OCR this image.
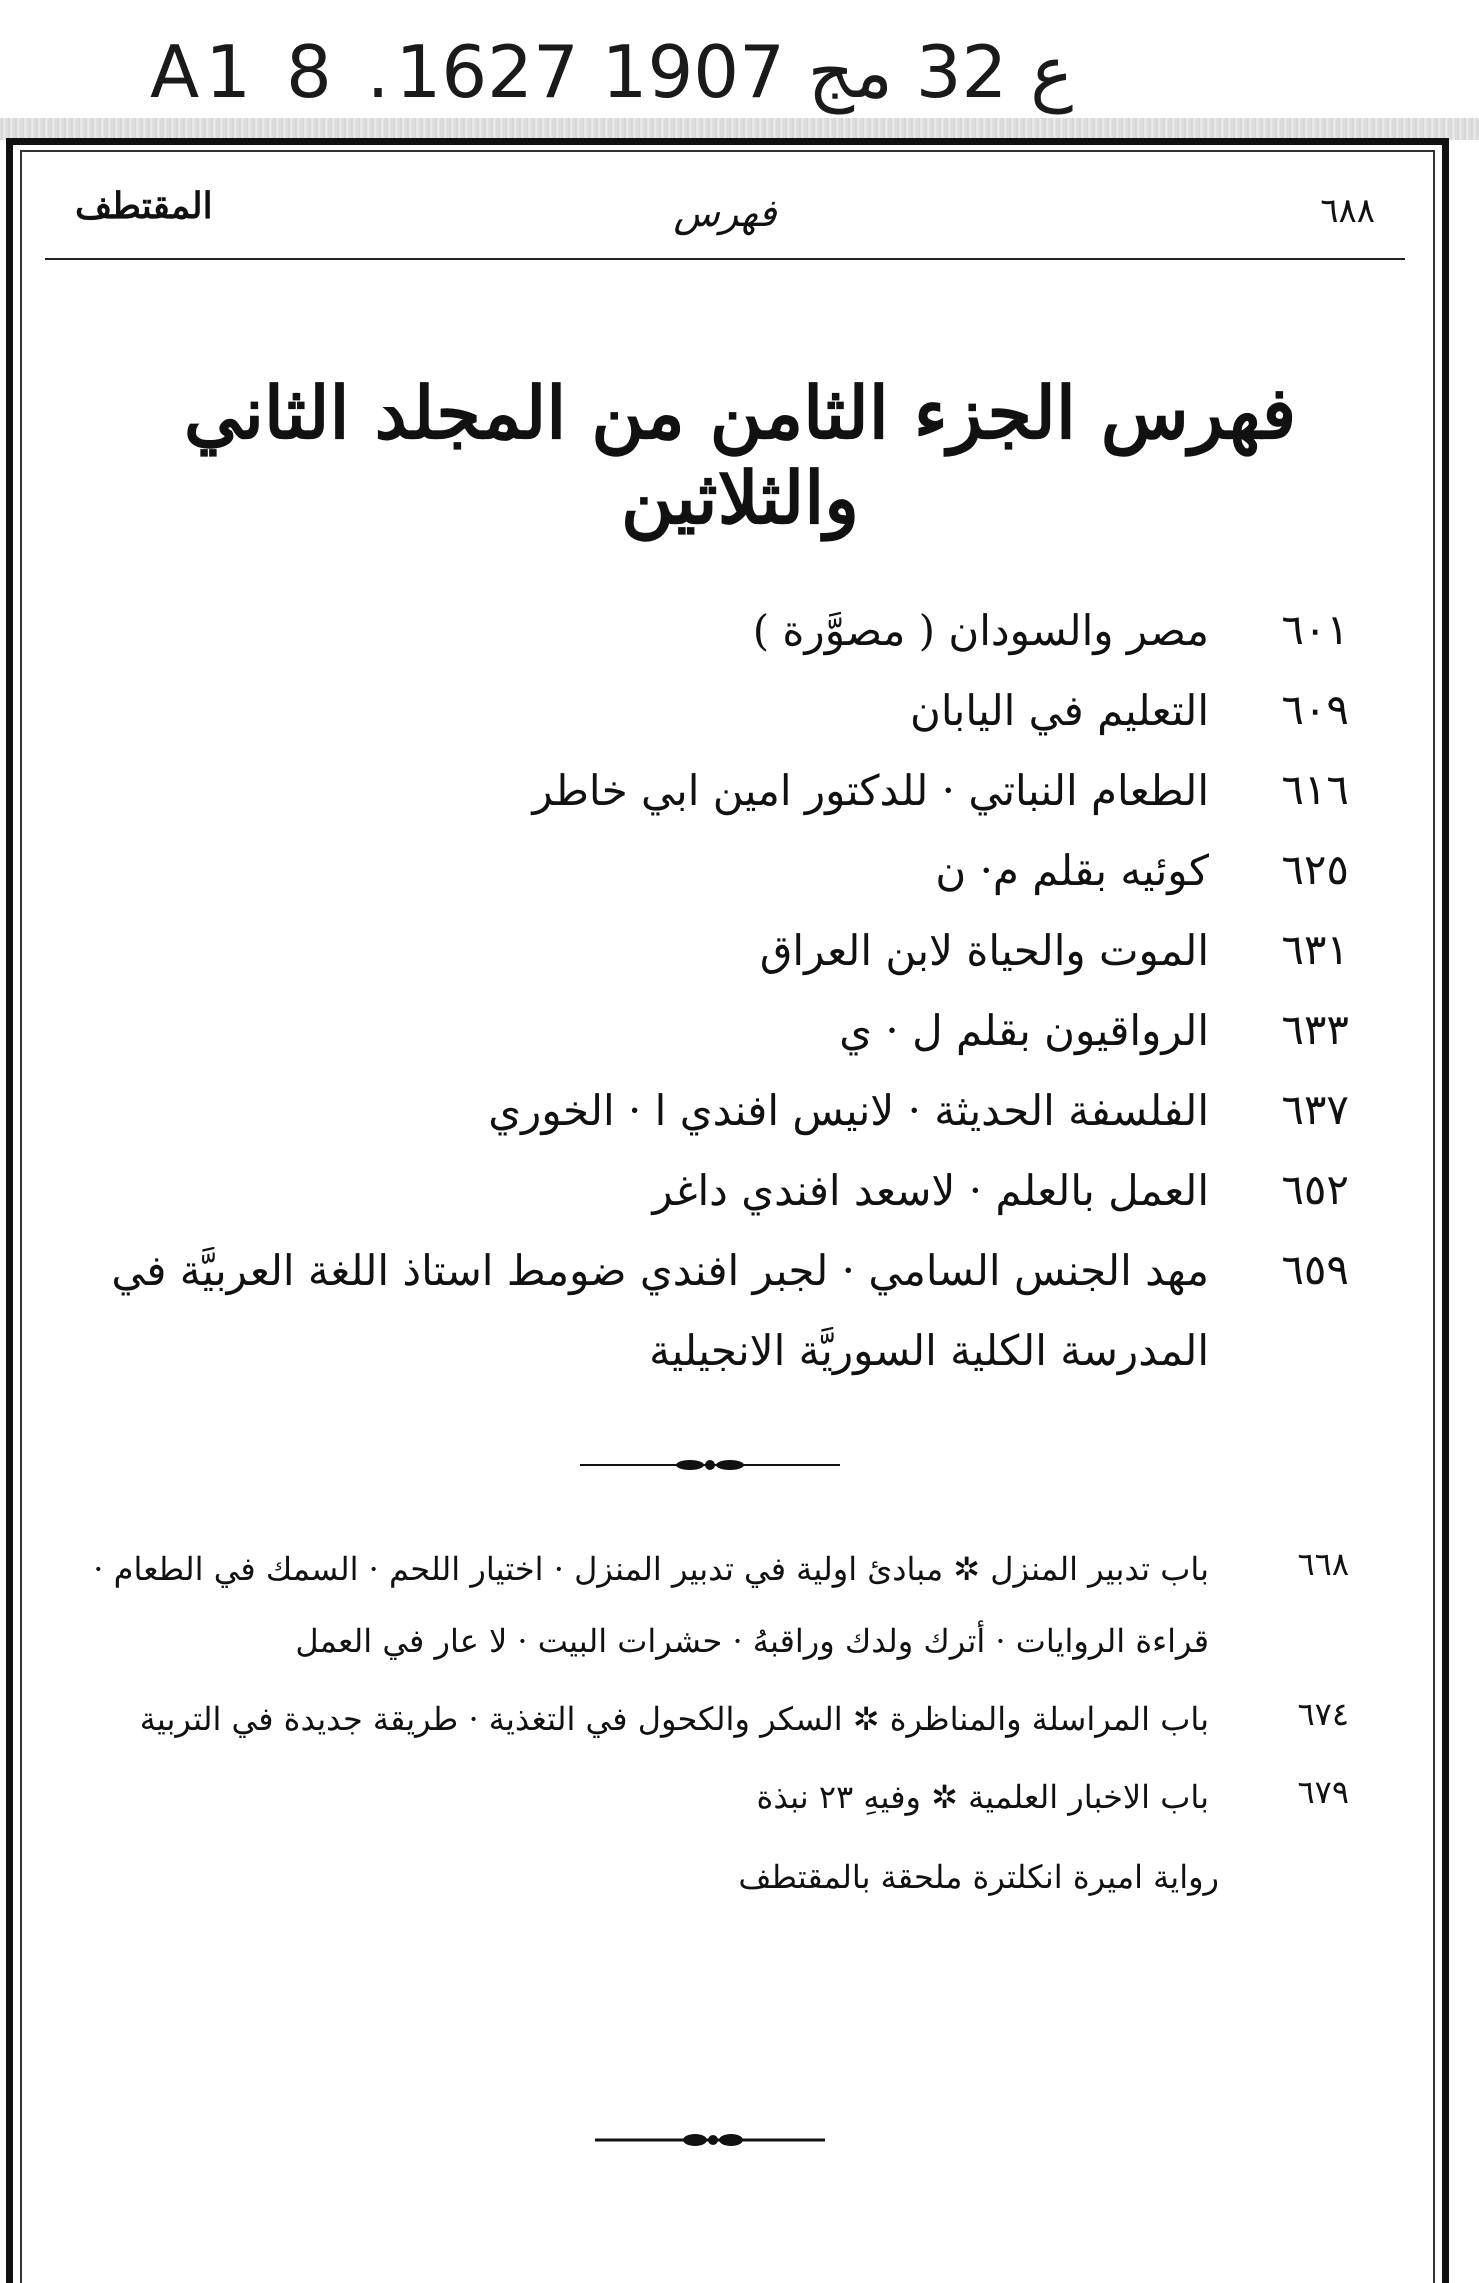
A1 8 .ع 32 مج 1907 1627
٦٨٨
فهرس
المقتطف
فهرس الجزء الثامن من المجلد الثاني والثلاثين
٦٠١
مصر والسودان ( مصوَّرة )
٦٠٩
التعليم في اليابان
٦١٦
الطعام النباتي · للدكتور امين ابي خاطر
٦٢٥
كوئيه بقلم م· ن
٦٣١
الموت والحياة لابن العراق
٦٣٣
الرواقيون بقلم ل · ي
٦٣٧
الفلسفة الحديثة · لانيس افندي ا · الخوري
٦٥٢
العمل بالعلم · لاسعد افندي داغر
٦٥٩
مهد الجنس السامي · لجبر افندي ضومط استاذ اللغة العربيَّة في المدرسة الكلية السوريَّة الانجيلية
٦٦٨
باب تدبير المنزل ✲ مبادئ اولية في تدبير المنزل · اختيار اللحم · السمك في الطعام · قراءة الروايات · أترك ولدك وراقبهُ · حشرات البيت · لا عار في العمل
٦٧٤
باب المراسلة والمناظرة ✲ السكر والكحول في التغذية · طريقة جديدة في التربية
٦٧٩
باب الاخبار العلمية ✲ وفيهِ ٢٣ نبذة
رواية اميرة انكلترة ملحقة بالمقتطف
